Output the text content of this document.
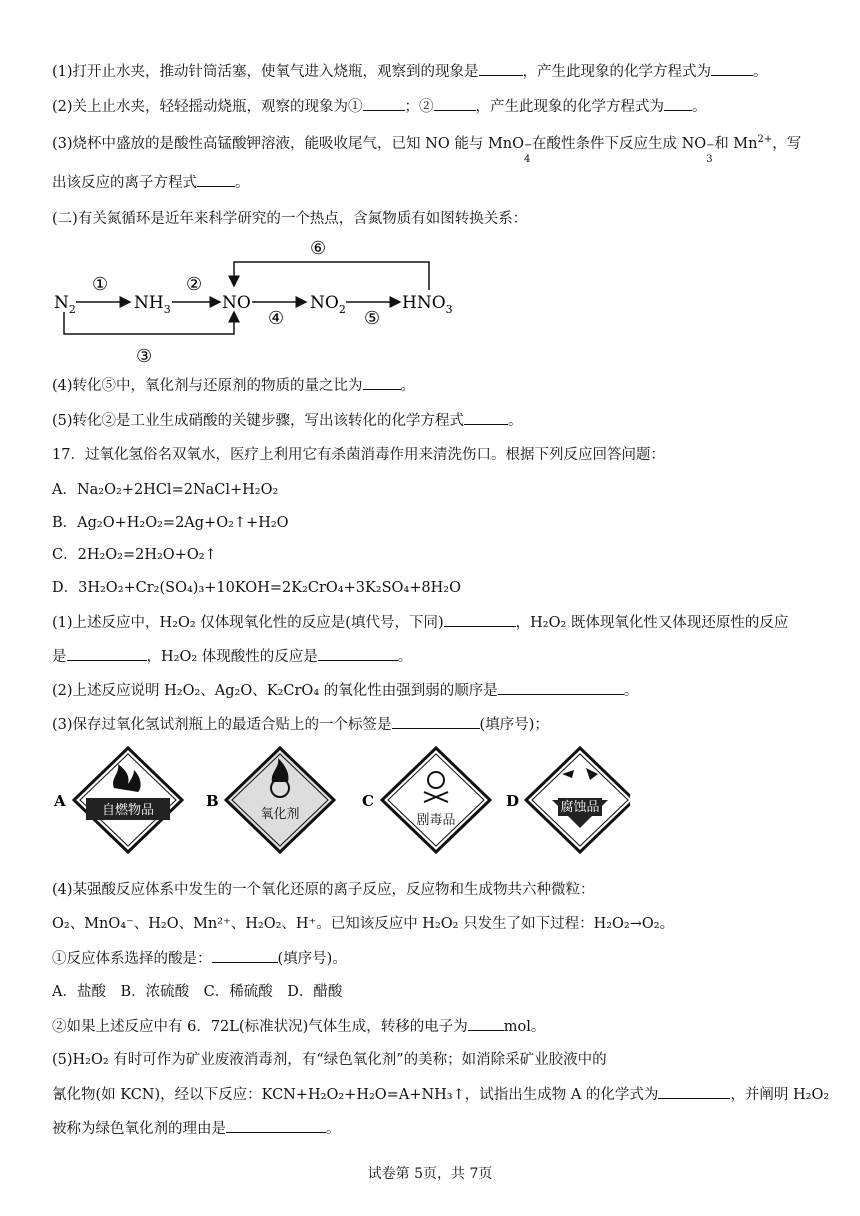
(1)打开止水夹，推动针筒活塞，使氧气进入烧瓶，观察到的现象是	，产生此现象的化学方程式为	。
(2)关上止水夹，轻轻摇动烧瓶，观察的现象为①	；②	，产生此现象的化学方程式为 。
(3)烧杯中盛放的是酸性高锰酸钾溶液，能吸收尾气，已知 NO 能与 MnO −
4
在酸性条件下反应生成 NO −
3
和 $Mn^{2+}$，写
出该反应的离子方程式	。
(二)有关氮循环是近年来科学研究的一个热点，含氮物质有如图转换关系：
$N_2$	$NH_3$	NO	$NO_2$	$HNO_3$
①	②
④	⑤
③
⑥
(4)转化⑤中，氧化剂与还原剂的物质的量之比为	。
(5)转化②是工业生成硝酸的关键步骤，写出该转化的化学方程式	。
17．过氧化氢俗名双氧水，医疗上利用它有杀菌消毒作用来清洗伤口。根据下列反应回答问题：
A．Na₂O₂+2HCl=2NaCl+H₂O₂
B．Ag₂O+H₂O₂=2Ag+O₂↑+H₂O
C．2H₂O₂=2H₂O+O₂↑
D．3H₂O₂+Cr₂(SO₄)₃+10KOH=2K₂CrO₄+3K₂SO₄+8H₂O
(1)上述反应中，H₂O₂ 仅体现氧化性的反应是(填代号，下同)	，H₂O₂ 既体现氧化性又体现还原性的反应
是	，H₂O₂ 体现酸性的反应是	。
(2)上述反应说明 H₂O₂、Ag₂O、K₂CrO₄ 的氧化性由强到弱的顺序是	。
(3)保存过氧化氢试剂瓶上的最适合贴上的一个标签是	(填序号)；
A
自燃物品
B
氧化剂
C
剧毒品
D	腐蚀品
(4)某强酸反应体系中发生的一个氧化还原的离子反应，反应物和生成物共六种微粒：
O₂、MnO₄⁻、H₂O、Mn²⁺、H₂O₂、H⁺。已知该反应中 H₂O₂ 只发生了如下过程：H₂O₂→O₂。
①反应体系选择的酸是：	(填序号)。
A．盐酸　B．浓硫酸　C．稀硫酸　D．醋酸
②如果上述反应中有 6．72L(标准状况)气体生成，转移的电子为 mol。
(5)H₂O₂ 有时可作为矿业废液消毒剂，有“绿色氧化剂”的美称；如消除采矿业胶液中的
氰化物(如 KCN)，经以下反应：KCN+H₂O₂+H₂O=A+NH₃↑，试指出生成物 A 的化学式为	，并阐明 H₂O₂
被称为绿色氧化剂的理由是	。
试卷第 5页，共 7页
